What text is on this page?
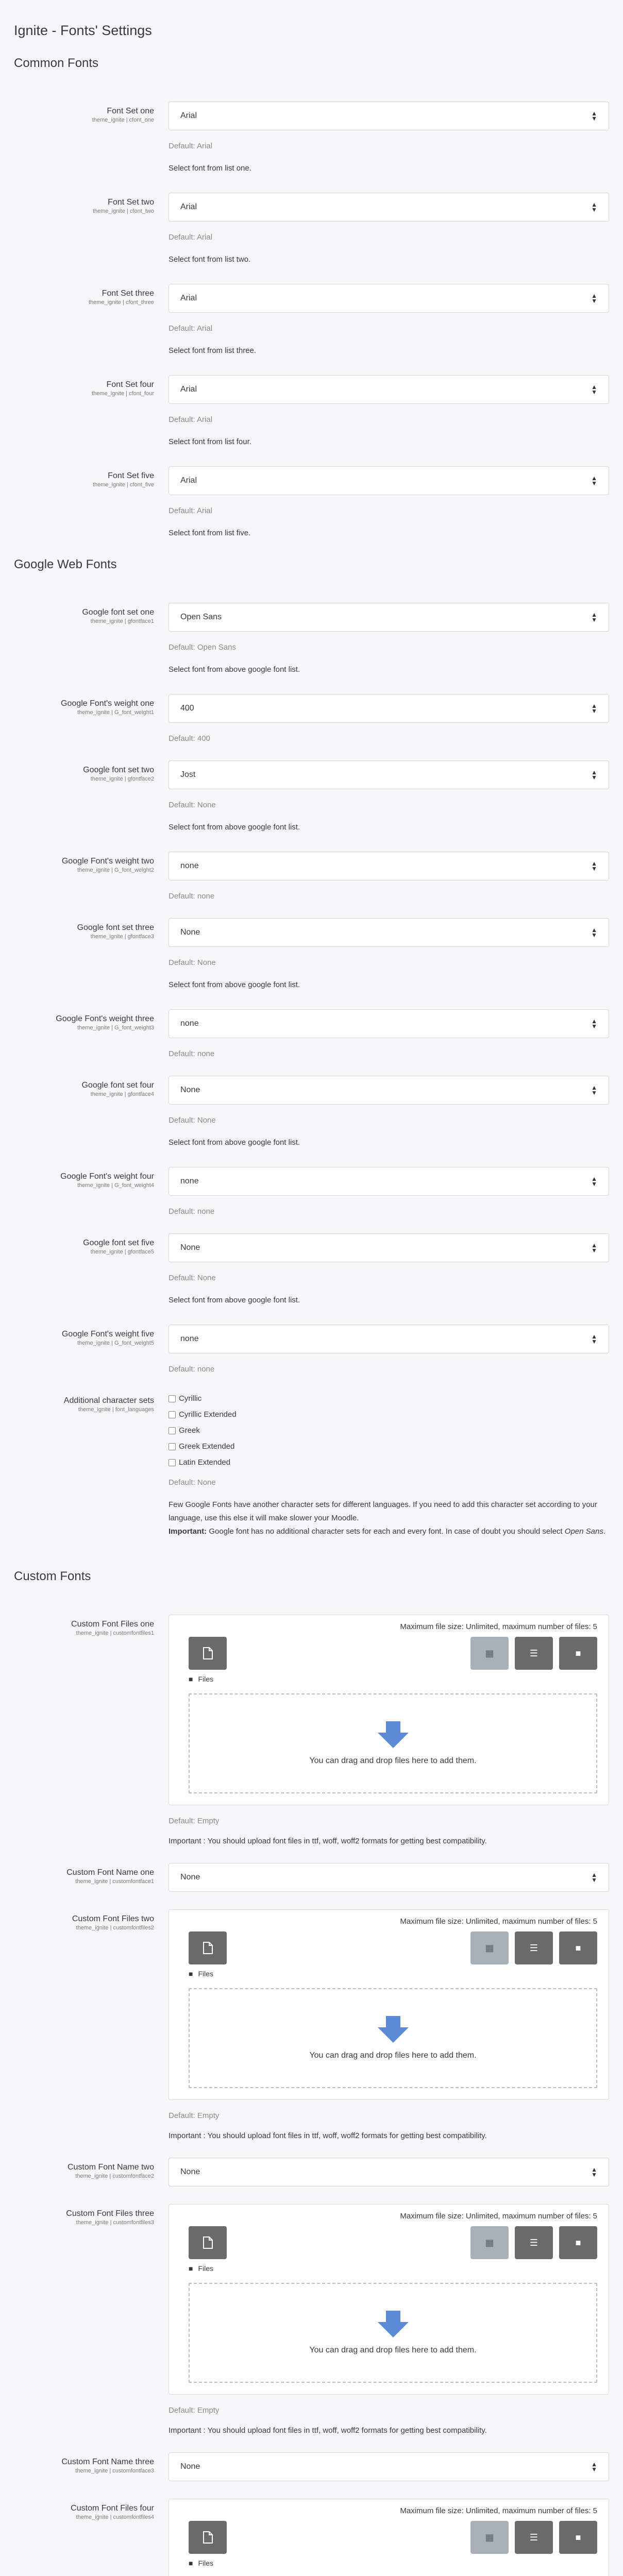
Ignite - Fonts' Settings
Common Fonts
Font Set one
theme_ignite | cfont_one	Arial	▲
▼
Default: Arial
Select font from list one.
Font Set two
theme_ignite | cfont_two	Arial	▲
▼
Default: Arial
Select font from list two.
Font Set three
theme_ignite | cfont_three	Arial	▲
▼
Default: Arial
Select font from list three.
Font Set four
theme_ignite | cfont_four	Arial	▲
▼
Default: Arial
Select font from list four.
Font Set five
theme_ignite | cfont_five	Arial	▲
▼
Default: Arial
Select font from list five.
Google Web Fonts
Google font set one
theme_ignite | gfontface1	Open Sans	▲
▼
Default: Open Sans
Select font from above google font list.
Google Font's weight one
theme_ignite | G_font_weight1	400	▲
▼
Default: 400
Google font set two
theme_ignite | gfontface2	Jost	▲
▼
Default: None
Select font from above google font list.
Google Font's weight two
theme_ignite | G_font_weight2	none	▲
▼
Default: none
Google font set three
theme_ignite | gfontface3	None	▲
▼
Default: None
Select font from above google font list.
Google Font's weight three
theme_ignite | G_font_weight3	none	▲
▼
Default: none
Google font set four
theme_ignite | gfontface4	None	▲
▼
Default: None
Select font from above google font list.
Google Font's weight four
theme_ignite | G_font_weight4	none	▲
▼
Default: none
Google font set five
theme_ignite | gfontface5	None	▲
▼
Default: None
Select font from above google font list.
Google Font's weight five
theme_ignite | G_font_weight5	none	▲
▼
Default: none
Additional character sets
theme_ignite | font_languages
Cyrillic
Cyrillic Extended
Greek
Greek Extended
Latin Extended
Default: None
Few Google Fonts have another character sets for different languages. If you need to add this character set according to your language, use this else it will make slower your Moodle.
Important: Google font has no additional character sets for each and every font. In case of doubt you should select Open Sans.
Custom Fonts
Custom Font Files one
theme_ignite | customfontfiles1
Maximum file size: Unlimited, maximum number of files: 5
▦	☰	■
■ Files
You can drag and drop files here to add them.
Default: Empty
Important : You should upload font files in ttf, woff, woff2 formats for getting best compatibility.
Custom Font Name one
theme_ignite | customfontface1	None	▲
▼
Custom Font Files two
theme_ignite | customfontfiles2
Maximum file size: Unlimited, maximum number of files: 5
▦	☰	■
■ Files
You can drag and drop files here to add them.
Default: Empty
Important : You should upload font files in ttf, woff, woff2 formats for getting best compatibility.
Custom Font Name two
theme_ignite | customfontface2	None	▲
▼
Custom Font Files three
theme_ignite | customfontfiles3
Maximum file size: Unlimited, maximum number of files: 5
▦	☰	■
■ Files
You can drag and drop files here to add them.
Default: Empty
Important : You should upload font files in ttf, woff, woff2 formats for getting best compatibility.
Custom Font Name three
theme_ignite | customfontface3	None	▲
▼
Custom Font Files four
theme_ignite | customfontfiles4
Maximum file size: Unlimited, maximum number of files: 5
▦	☰	■
■ Files
